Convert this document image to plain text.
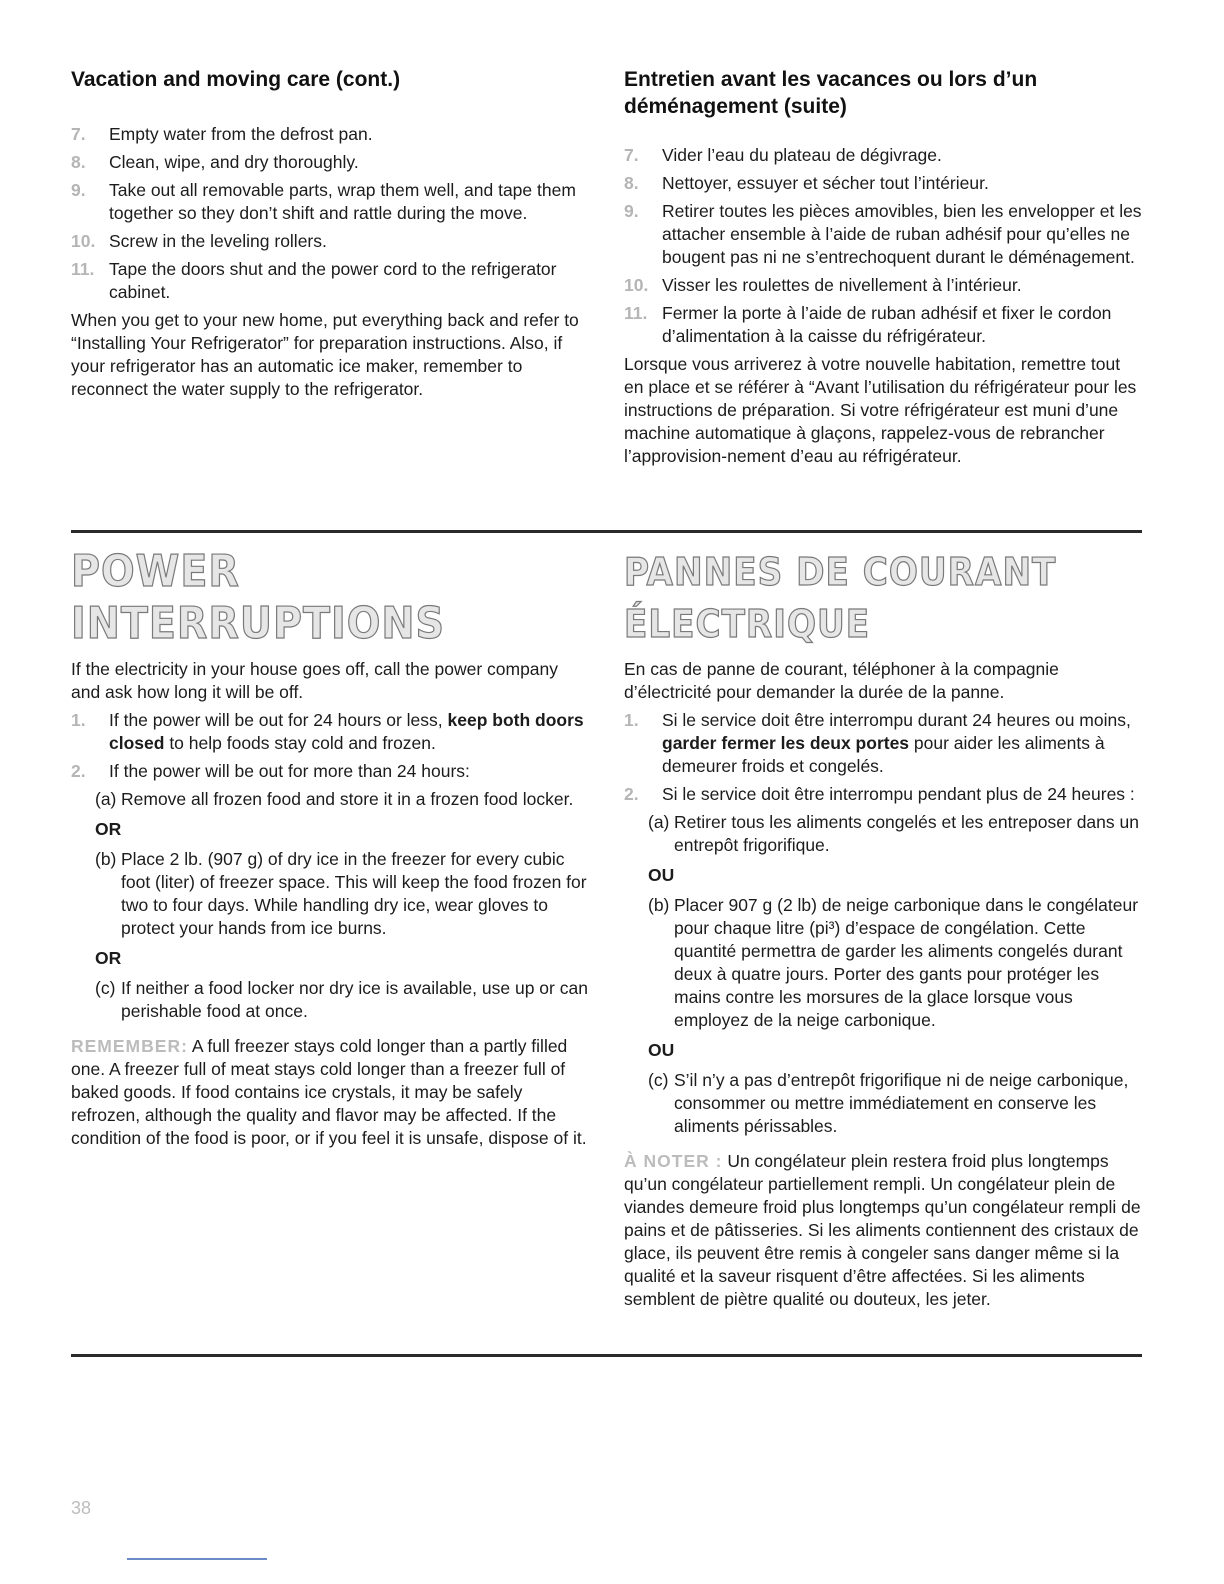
Vacation and moving care (cont.)
7. Empty water from the defrost pan.
8. Clean, wipe, and dry thoroughly.
9. Take out all removable parts, wrap them well, and tape them together so they don’t shift and rattle during the move.
10. Screw in the leveling rollers.
11. Tape the doors shut and the power cord to the refrigerator cabinet.

When you get to your new home, put everything back and refer to “Installing Your Refrigerator” for preparation instructions. Also, if your refrigerator has an automatic ice maker, remember to reconnect the water supply to the refrigerator.

Entretien avant les vacances ou lors d’un déménagement (suite)
7. Vider l’eau du plateau de dégivrage.
8. Nettoyer, essuyer et sécher tout l’intérieur.
9. Retirer toutes les pièces amovibles, bien les envelopper et les attacher ensemble à l’aide de ruban adhésif pour qu’elles ne bougent pas ni ne s’entrechoquent durant le déménagement.
10. Visser les roulettes de nivellement à l’intérieur.
11. Fermer la porte à l’aide de ruban adhésif et fixer le cordon d’alimentation à la caisse du réfrigérateur.

Lorsque vous arriverez à votre nouvelle habitation, remettre tout en place et se référer à “Avant l’utilisation du réfrigérateur pour les instructions de préparation. Si votre réfrigérateur est muni d’une machine automatique à glaçons, rappelez-vous de rebrancher l’approvision-nement d’eau au réfrigérateur.

POWER INTERRUPTIONS

If the electricity in your house goes off, call the power company and ask how long it will be off.

1. If the power will be out for 24 hours or less, keep both doors closed to help foods stay cold and frozen.
2. If the power will be out for more than 24 hours:
(a) Remove all frozen food and store it in a frozen food locker.
OR
(b) Place 2 lb. (907 g) of dry ice in the freezer for every cubic foot (liter) of freezer space. This will keep the food frozen for two to four days. While handling dry ice, wear gloves to protect your hands from ice burns.
OR
(c) If neither a food locker nor dry ice is available, use up or can perishable food at once.

REMEMBER: A full freezer stays cold longer than a partly filled one. A freezer full of meat stays cold longer than a freezer full of baked goods. If food contains ice crystals, it may be safely refrozen, although the quality and flavor may be affected. If the condition of the food is poor, or if you feel it is unsafe, dispose of it.

PANNES DE COURANT ÉLECTRIQUE

En cas de panne de courant, téléphoner à la compagnie d’électricité pour demander la durée de la panne.

1. Si le service doit être interrompu durant 24 heures ou moins, garder fermer les deux portes pour aider les aliments à demeurer froids et congelés.
2. Si le service doit être interrompu pendant plus de 24 heures :
(a) Retirer tous les aliments congelés et les entreposer dans un entrepôt frigorifique.
OU
(b) Placer 907 g (2 lb) de neige carbonique dans le congélateur pour chaque litre (pi³) d’espace de congélation. Cette quantité permettra de garder les aliments congelés durant deux à quatre jours. Porter des gants pour protéger les mains contre les morsures de la glace lorsque vous employez de la neige carbonique.
OU
(c) S’il n’y a pas d’entrepôt frigorifique ni de neige carbonique, consommer ou mettre immédiatement en conserve les aliments périssables.

À NOTER : Un congélateur plein restera froid plus longtemps qu’un congélateur partiellement rempli. Un congélateur plein de viandes demeure froid plus longtemps qu’un congélateur rempli de pains et de pâtisseries. Si les aliments contiennent des cristaux de glace, ils peuvent être remis à congeler sans danger même si la qualité et la saveur risquent d’être affectées. Si les aliments semblent de piètre qualité ou douteux, les jeter.

38
